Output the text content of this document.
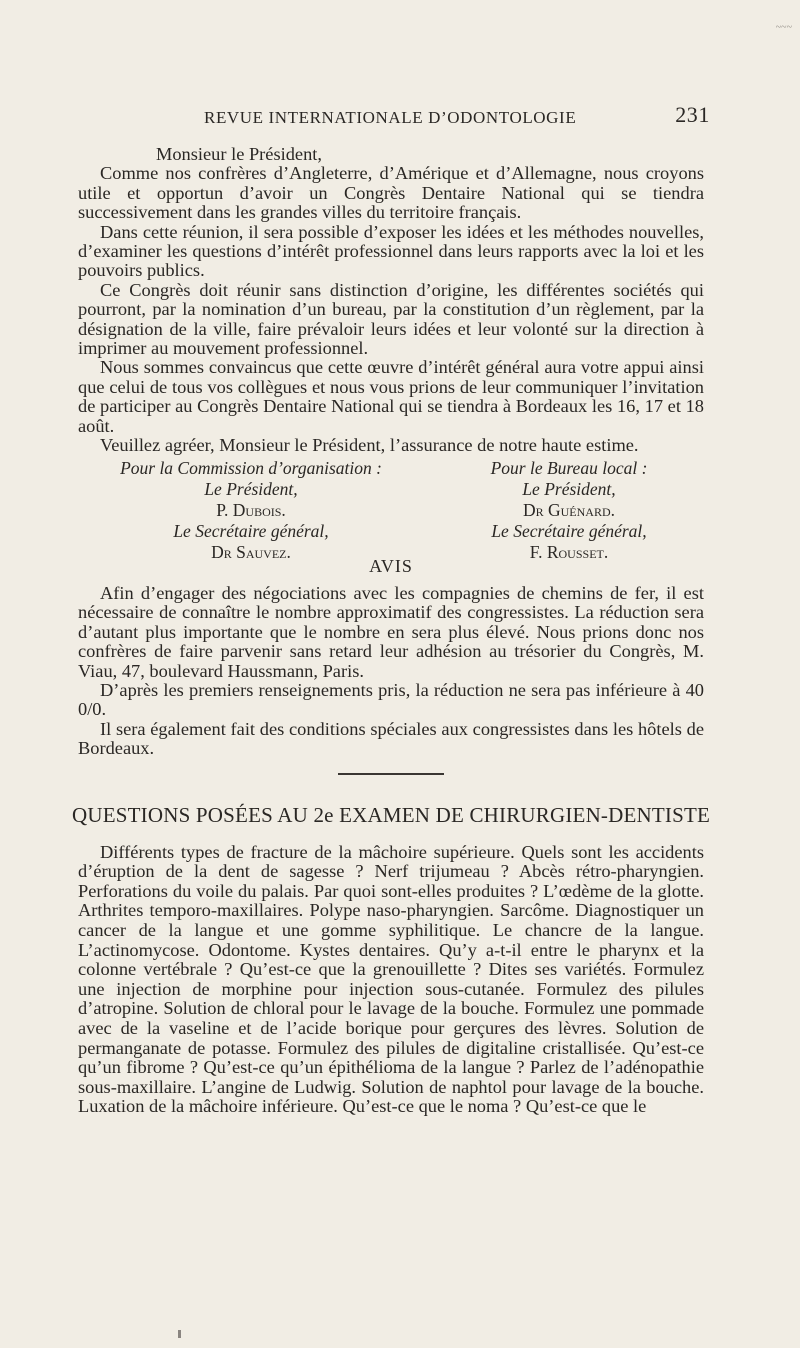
~~~
REVUE INTERNATIONALE D’ODONTOLOGIE	231

Monsieur le Président,

Comme nos confrères d’Angleterre, d’Amérique et d’Allemagne, nous croyons utile et opportun d’avoir un Congrès Dentaire National qui se tiendra successivement dans les grandes villes du territoire français.

Dans cette réunion, il sera possible d’exposer les idées et les méthodes nouvelles, d’examiner les questions d’intérêt professionnel dans leurs rapports avec la loi et les pouvoirs publics.

Ce Congrès doit réunir sans distinction d’origine, les différentes sociétés qui pourront, par la nomination d’un bureau, par la constitution d’un règlement, par la désignation de la ville, faire prévaloir leurs idées et leur volonté sur la direction à imprimer au mouvement professionnel.

Nous sommes convaincus que cette œuvre d’intérêt général aura votre appui ainsi que celui de tous vos collègues et nous vous prions de leur communiquer l’invitation de participer au Congrès Dentaire National qui se tiendra à Bordeaux les 16, 17 et 18 août.

Veuillez agréer, Monsieur le Président, l’assurance de notre haute estime.

Pour la Commission d’organisation :
Le Président,
P. Dubois.
Le Secrétaire général,
Dr Sauvez.
Pour le Bureau local :
Le Président,
Dr Guénard.
Le Secrétaire général,
F. Rousset.
AVIS

Afin d’engager des négociations avec les compagnies de chemins de fer, il est nécessaire de connaître le nombre approximatif des congressistes. La réduction sera d’autant plus importante que le nombre en sera plus élevé. Nous prions donc nos confrères de faire parvenir sans retard leur adhésion au trésorier du Congrès, M. Viau, 47, boulevard Haussmann, Paris.

D’après les premiers renseignements pris, la réduction ne sera pas inférieure à 40 0/0.

Il sera également fait des conditions spéciales aux congressistes dans les hôtels de Bordeaux.

QUESTIONS POSÉES AU 2e EXAMEN DE CHIRURGIEN-DENTISTE

Différents types de fracture de la mâchoire supérieure. Quels sont les accidents d’éruption de la dent de sagesse ? Nerf trijumeau ? Abcès rétro-pharyngien. Perforations du voile du palais. Par quoi sont-elles produites ? L’œdème de la glotte. Arthrites temporo-maxillaires. Polype naso-pharyngien. Sarcôme. Diagnostiquer un cancer de la langue et une gomme syphilitique. Le chancre de la langue. L’actinomycose. Odontome. Kystes dentaires. Qu’y a-t-il entre le pharynx et la colonne vertébrale ? Qu’est-ce que la grenouillette ? Dites ses variétés. Formulez une injection de morphine pour injection sous-cutanée. Formulez des pilules d’atropine. Solution de chloral pour le lavage de la bouche. Formulez une pommade avec de la vaseline et de l’acide borique pour gerçures des lèvres. Solution de permanganate de potasse. Formulez des pilules de digitaline cristallisée. Qu’est-ce qu’un fibrome ? Qu’est-ce qu’un épithélioma de la langue ? Parlez de l’adénopathie sous-maxillaire. L’angine de Ludwig. Solution de naphtol pour lavage de la bouche. Luxation de la mâchoire inférieure. Qu’est-ce que le noma ? Qu’est-ce que le
